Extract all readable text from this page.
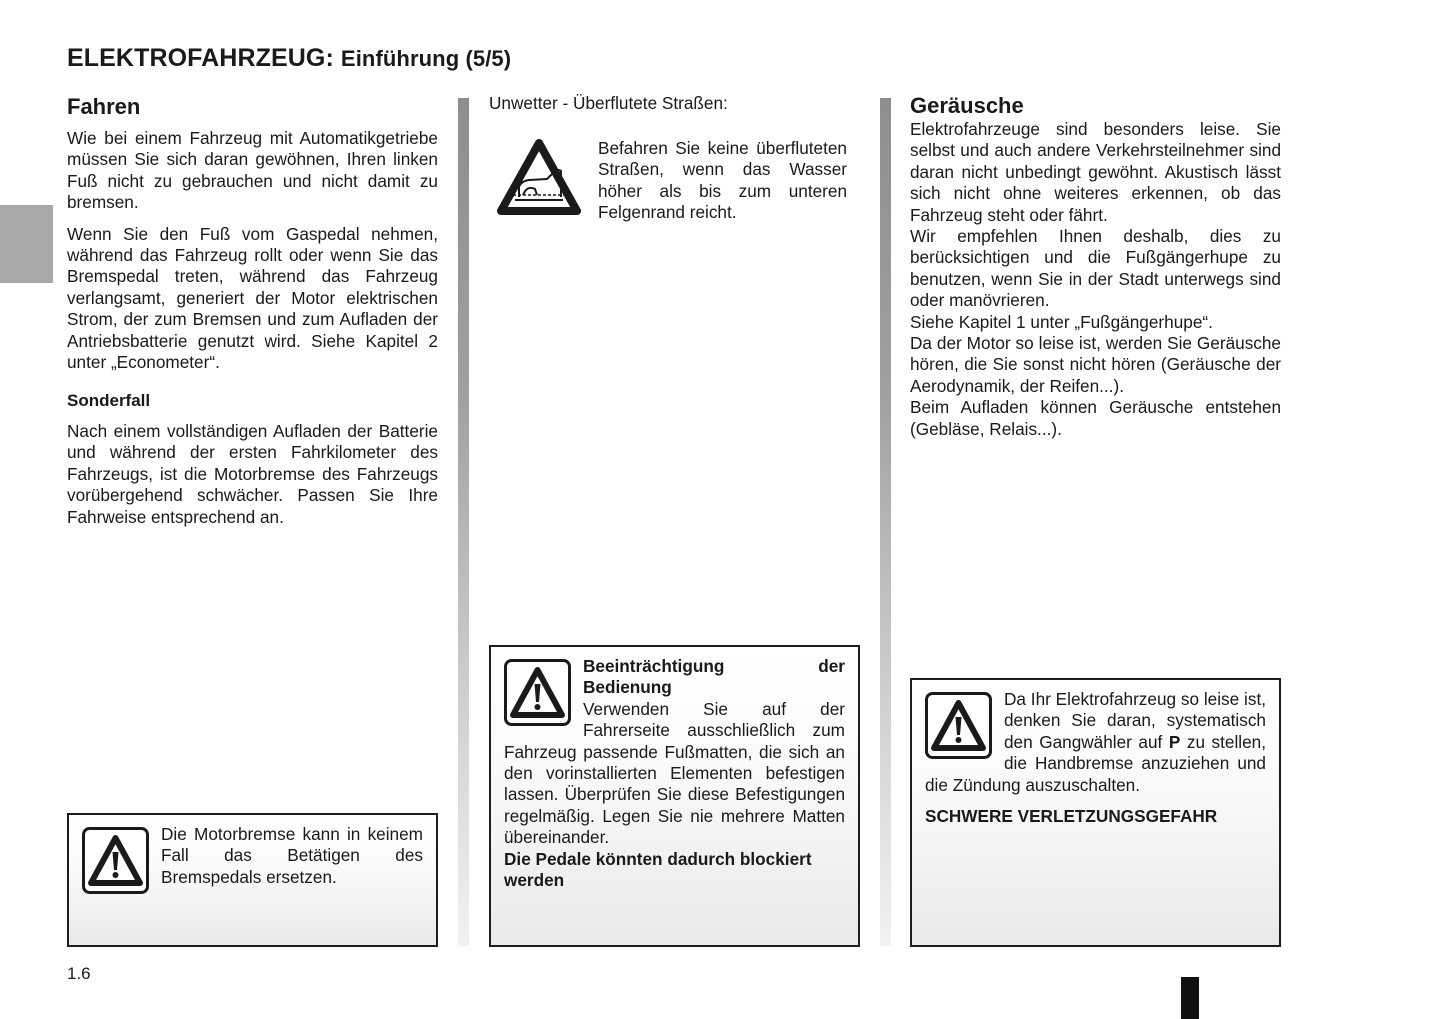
ELEKTROFAHRZEUG: Einführung (5/5)
Fahren

Wie bei einem Fahrzeug mit Automatikgetriebe müssen Sie sich daran gewöhnen, Ihren linken Fuß nicht zu gebrauchen und nicht damit zu bremsen.

Wenn Sie den Fuß vom Gaspedal nehmen, während das Fahrzeug rollt oder wenn Sie das Bremspedal treten, während das Fahrzeug verlangsamt, generiert der Motor elektrischen Strom, der zum Bremsen und zum Aufladen der Antriebsbatterie genutzt wird. Siehe Kapitel 2 unter „Econometer“.

Sonderfall

Nach einem vollständigen Aufladen der Batterie und während der ersten Fahrkilometer des Fahrzeugs, ist die Motorbremse des Fahrzeugs vorübergehend schwächer. Passen Sie Ihre Fahrweise entsprechend an.

Unwetter - Überflutete Straßen:

Befahren Sie keine überfluteten Straßen, wenn das Wasser höher als bis zum unteren Felgenrand reicht.
Geräusche

Elektrofahrzeuge sind besonders leise. Sie selbst und auch andere Verkehrsteilnehmer sind daran nicht unbedingt gewöhnt. Akustisch lässt sich nicht ohne weiteres erkennen, ob das Fahrzeug steht oder fährt.

Wir empfehlen Ihnen deshalb, dies zu berücksichtigen und die Fußgängerhupe zu benutzen, wenn Sie in der Stadt unterwegs sind oder manövrieren.

Siehe Kapitel 1 unter „Fußgängerhupe“.

Da der Motor so leise ist, werden Sie Geräusche hören, die Sie sonst nicht hören (Geräusche der Aerodynamik, der Reifen...).

Beim Aufladen können Geräusche entstehen (Gebläse, Relais...).

Die Motorbremse kann in keinem Fall das Betätigen des Bremspedals ersetzen.

Beeinträchtigung der Bedienung

Verwenden Sie auf der Fahrerseite ausschließlich zum Fahrzeug passende Fußmatten, die sich an den vorinstallierten Elementen befestigen lassen. Überprüfen Sie diese Befestigungen regelmäßig. Legen Sie nie mehrere Matten übereinander.

Die Pedale könnten dadurch blockiert werden

Da Ihr Elektrofahrzeug so leise ist, denken Sie daran, systematisch den Gangwähler auf P zu stellen, die Handbremse anzuziehen und die Zündung auszuschalten.

SCHWERE VERLETZUNGSGEFAHR

1.6
